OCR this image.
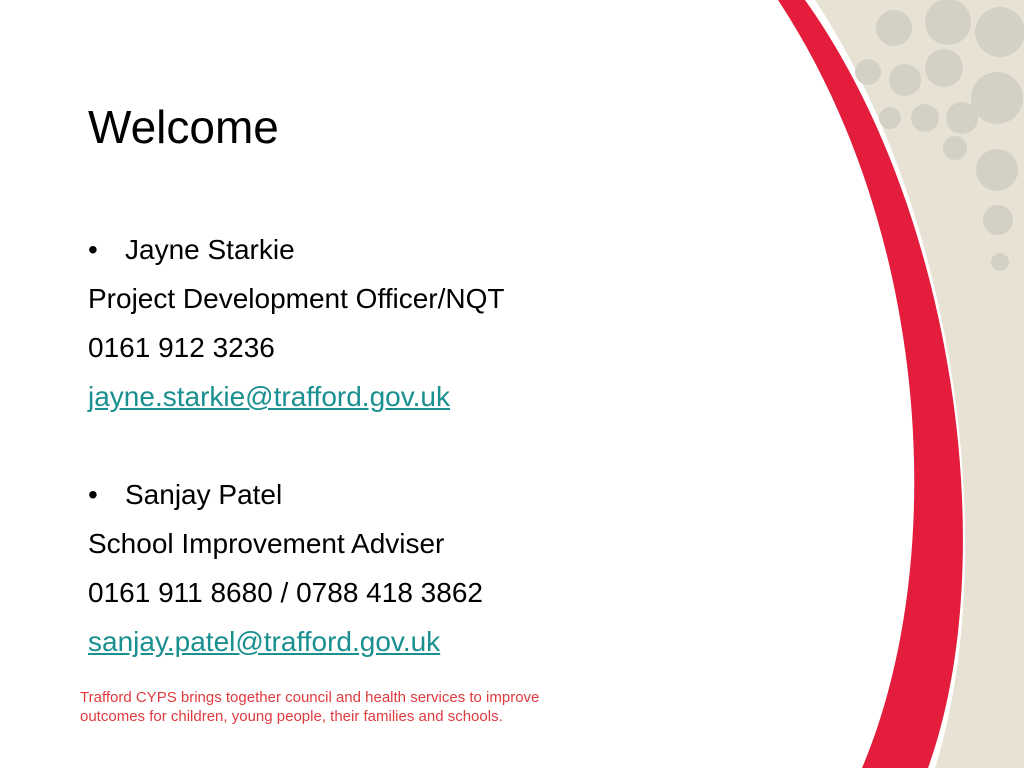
Welcome
• Jayne Starkie
Project Development Officer/NQT
0161 912 3236
jayne.starkie@trafford.gov.uk
• Sanjay Patel
School Improvement Adviser
0161 911 8680 / 0788 418 3862
sanjay.patel@trafford.gov.uk
Trafford CYPS brings together council and health services to improve
outcomes for children, young people, their families and schools.
